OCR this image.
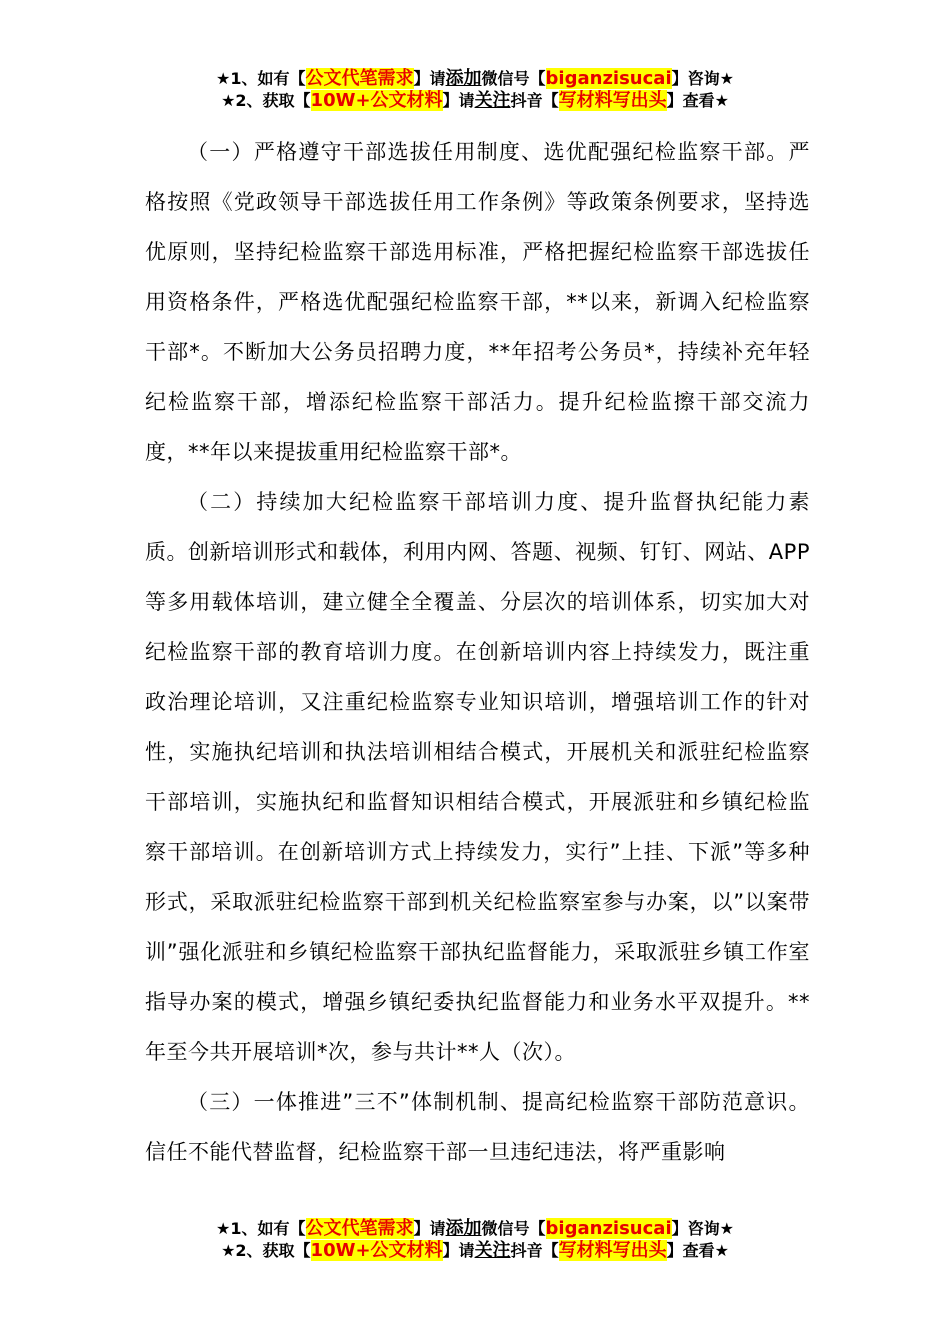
★1、如有【公文代笔需求】请添加微信号【biganzisucai】咨询★
★2、获取【10W+公文材料】请关注抖音【写材料写出头】查看★

（一）严格遵守干部选拔任用制度、选优配强纪检监察干部。严格按照《党政领导干部选拔任用工作条例》等政策条例要求，坚持选优原则，坚持纪检监察干部选用标准，严格把握纪检监察干部选拔任用资格条件，严格选优配强纪检监察干部，**以来，新调入纪检监察干部*。不断加大公务员招聘力度，**年招考公务员*，持续补充年轻纪检监察干部，增添纪检监察干部活力。提升纪检监擦干部交流力度，**年以来提拔重用纪检监察干部*。

（二）持续加大纪检监察干部培训力度、提升监督执纪能力素质。创新培训形式和载体，利用内网、答题、视频、钉钉、网站、APP等多用载体培训，建立健全全覆盖、分层次的培训体系，切实加大对纪检监察干部的教育培训力度。在创新培训内容上持续发力，既注重政治理论培训，又注重纪检监察专业知识培训，增强培训工作的针对性，实施执纪培训和执法培训相结合模式，开展机关和派驻纪检监察干部培训，实施执纪和监督知识相结合模式，开展派驻和乡镇纪检监察干部培训。在创新培训方式上持续发力，实行”上挂、下派”等多种形式，采取派驻纪检监察干部到机关纪检监察室参与办案，以”以案带训”强化派驻和乡镇纪检监察干部执纪监督能力，采取派驻乡镇工作室指导办案的模式，增强乡镇纪委执纪监督能力和业务水平双提升。**年至今共开展培训*次，参与共计**人（次）。

（三）一体推进”三不”体制机制、提高纪检监察干部防范意识。信任不能代替监督，纪检监察干部一旦违纪违法，将严重影响

★1、如有【公文代笔需求】请添加微信号【biganzisucai】咨询★
★2、获取【10W+公文材料】请关注抖音【写材料写出头】查看★
